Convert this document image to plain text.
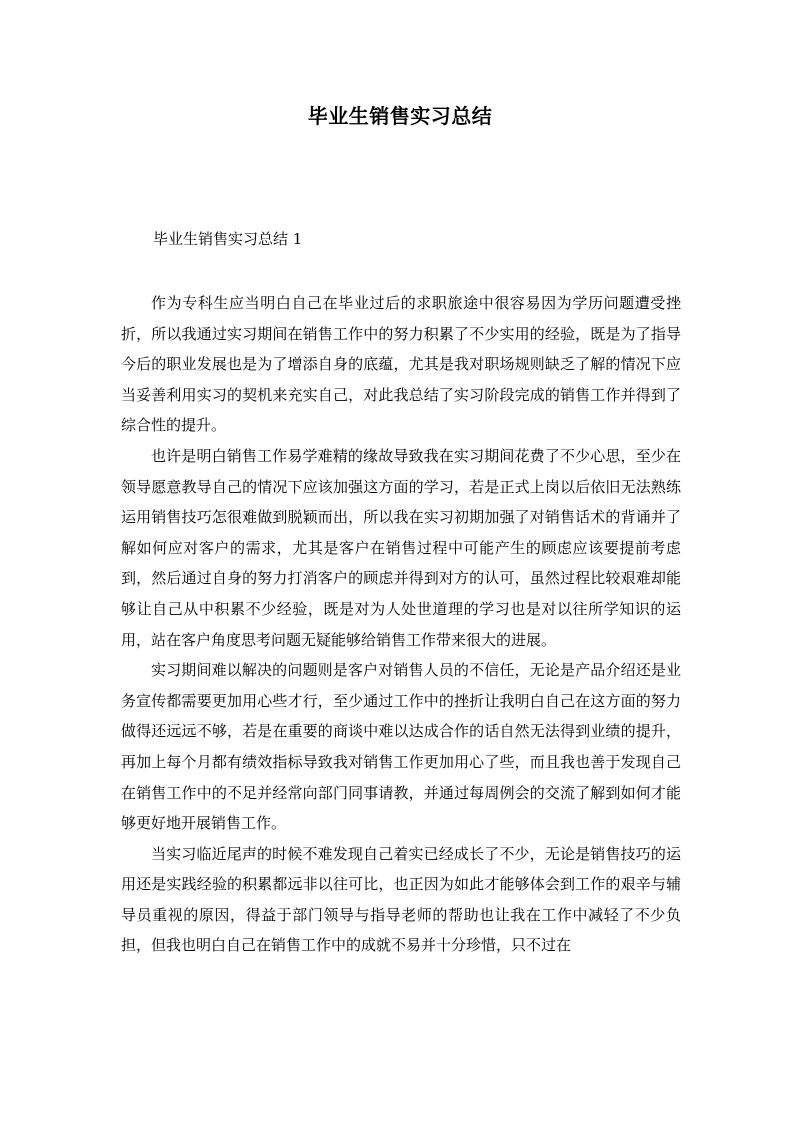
毕业生销售实习总结
毕业生销售实习总结 1

作为专科生应当明白自己在毕业过后的求职旅途中很容易因为学历问题遭受挫折，所以我通过实习期间在销售工作中的努力积累了不少实用的经验，既是为了指导今后的职业发展也是为了增添自身的底蕴，尤其是我对职场规则缺乏了解的情况下应当妥善利用实习的契机来充实自己，对此我总结了实习阶段完成的销售工作并得到了综合性的提升。

也许是明白销售工作易学难精的缘故导致我在实习期间花费了不少心思，至少在领导愿意教导自己的情况下应该加强这方面的学习，若是正式上岗以后依旧无法熟练运用销售技巧怎很难做到脱颖而出，所以我在实习初期加强了对销售话术的背诵并了解如何应对客户的需求，尤其是客户在销售过程中可能产生的顾虑应该要提前考虑到，然后通过自身的努力打消客户的顾虑并得到对方的认可，虽然过程比较艰难却能够让自己从中积累不少经验，既是对为人处世道理的学习也是对以往所学知识的运用，站在客户角度思考问题无疑能够给销售工作带来很大的进展。

实习期间难以解决的问题则是客户对销售人员的不信任，无论是产品介绍还是业务宣传都需要更加用心些才行，至少通过工作中的挫折让我明白自己在这方面的努力做得还远远不够，若是在重要的商谈中难以达成合作的话自然无法得到业绩的提升，再加上每个月都有绩效指标导致我对销售工作更加用心了些，而且我也善于发现自己在销售工作中的不足并经常向部门同事请教，并通过每周例会的交流了解到如何才能够更好地开展销售工作。

当实习临近尾声的时候不难发现自己着实已经成长了不少，无论是销售技巧的运用还是实践经验的积累都远非以往可比，也正因为如此才能够体会到工作的艰辛与辅导员重视的原因，得益于部门领导与指导老师的帮助也让我在工作中减轻了不少负担，但我也明白自己在销售工作中的成就不易并十分珍惜，只不过在
